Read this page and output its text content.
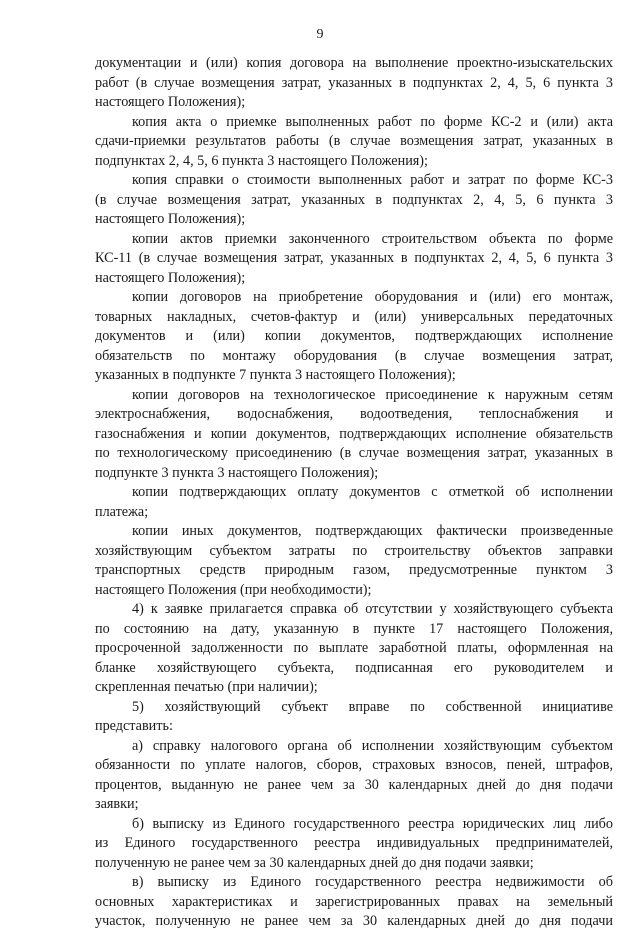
9

документации и (или) копия договора на выполнение проектно-изыскательских
работ (в случае возмещения затрат, указанных в подпунктах 2, 4, 5, 6 пункта 3
настоящего Положения);

копия акта о приемке выполненных работ по форме КС-2 и (или) акта
сдачи-приемки результатов работы (в случае возмещения затрат, указанных в
подпунктах 2, 4, 5, 6 пункта 3 настоящего Положения);

копия справки о стоимости выполненных работ и затрат по форме КС-3
(в случае возмещения затрат, указанных в подпунктах 2, 4, 5, 6 пункта 3
настоящего Положения);

копии актов приемки законченного строительством объекта по форме
КС-11 (в случае возмещения затрат, указанных в подпунктах 2, 4, 5, 6 пункта 3
настоящего Положения);

копии договоров на приобретение оборудования и (или) его монтаж,
товарных накладных, счетов-фактур и (или) универсальных передаточных
документов и (или) копии документов, подтверждающих исполнение
обязательств по монтажу оборудования (в случае возмещения затрат,
указанных в подпункте 7 пункта 3 настоящего Положения);

копии договоров на технологическое присоединение к наружным сетям
электроснабжения, водоснабжения, водоотведения, теплоснабжения и
газоснабжения и копии документов, подтверждающих исполнение обязательств
по технологическому присоединению (в случае возмещения затрат, указанных в
подпункте 3 пункта 3 настоящего Положения);

копии подтверждающих оплату документов с отметкой об исполнении
платежа;

копии иных документов, подтверждающих фактически произведенные
хозяйствующим субъектом затраты по строительству объектов заправки
транспортных средств природным газом, предусмотренные пунктом 3
настоящего Положения (при необходимости);

4) к заявке прилагается справка об отсутствии у хозяйствующего субъекта
по состоянию на дату, указанную в пункте 17 настоящего Положения,
просроченной задолженности по выплате заработной платы, оформленная на
бланке хозяйствующего субъекта, подписанная его руководителем и
скрепленная печатью (при наличии);

5) хозяйствующий субъект вправе по собственной инициативе
представить:

а) справку налогового органа об исполнении хозяйствующим субъектом
обязанности по уплате налогов, сборов, страховых взносов, пеней, штрафов,
процентов, выданную не ранее чем за 30 календарных дней до дня подачи
заявки;

б) выписку из Единого государственного реестра юридических лиц либо
из Единого государственного реестра индивидуальных предпринимателей,
полученную не ранее чем за 30 календарных дней до дня подачи заявки;

в) выписку из Единого государственного реестра недвижимости об
основных характеристиках и зарегистрированных правах на земельный
участок, полученную не ранее чем за 30 календарных дней до дня подачи
